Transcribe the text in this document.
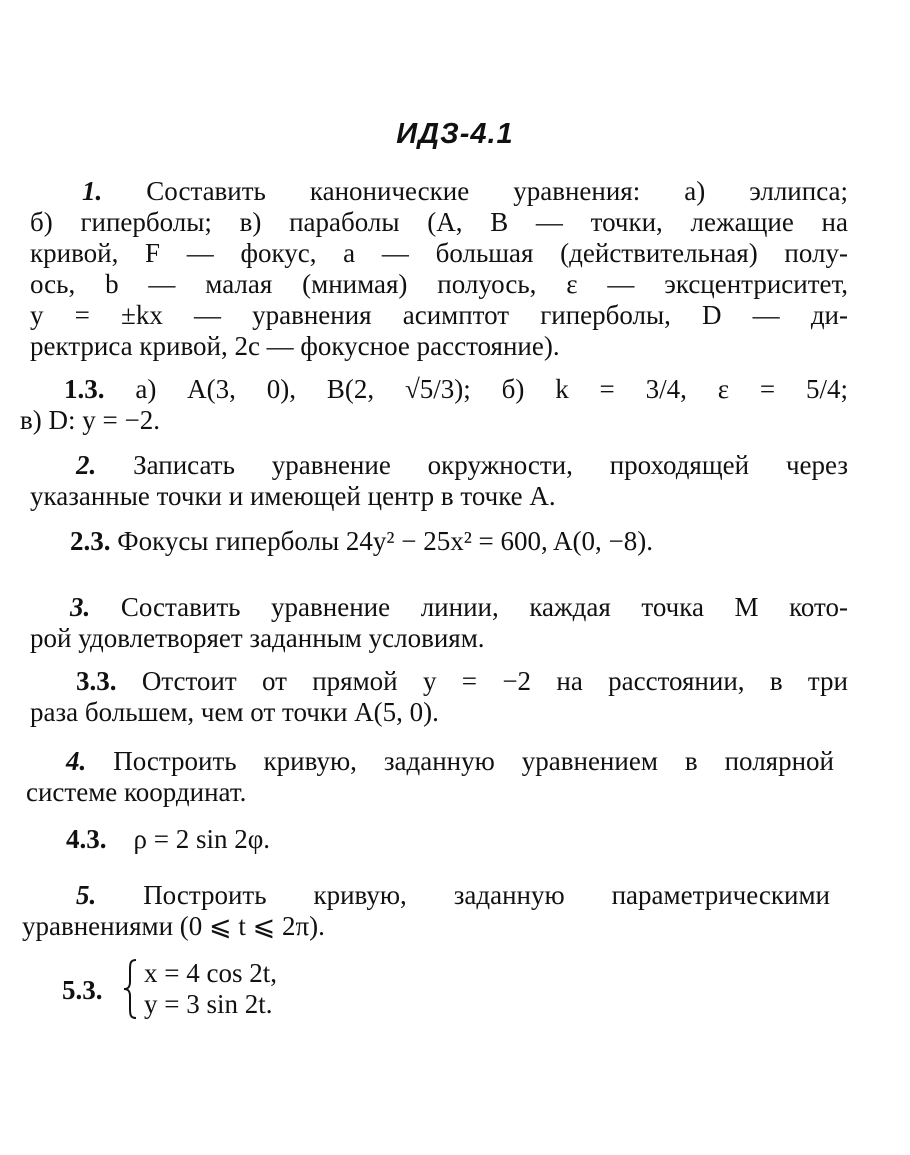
ИДЗ-4.1
1. Составить канонические уравнения: а) эллипса;
б) гиперболы; в) параболы (A, B — точки, лежащие на
кривой, F — фокус, a — большая (действительная) полу-
ось, b — малая (мнимая) полуось, ε — эксцентриситет,
y = ±kx — уравнения асимптот гиперболы, D — ди-
ректриса кривой, 2c — фокусное расстояние).
1.3. а) A(3, 0), B(2, √5/3); б) k = 3/4, ε = 5/4;
в) D: y = −2.
2. Записать уравнение окружности, проходящей через
указанные точки и имеющей центр в точке A.
2.3. Фокусы гиперболы 24y² − 25x² = 600, A(0, −8).
3. Составить уравнение линии, каждая точка M кото-
рой удовлетворяет заданным условиям.
3.3. Отстоит от прямой y = −2 на расстоянии, в три
раза большем, чем от точки A(5, 0).
4. Построить кривую, заданную уравнением в полярной
системе координат.
4.3. ρ = 2 sin 2φ.
5. Построить кривую, заданную параметрическими
уравнениями (0 ⩽ t ⩽ 2π).
5.3.
x = 4 cos 2t,
y = 3 sin 2t.
